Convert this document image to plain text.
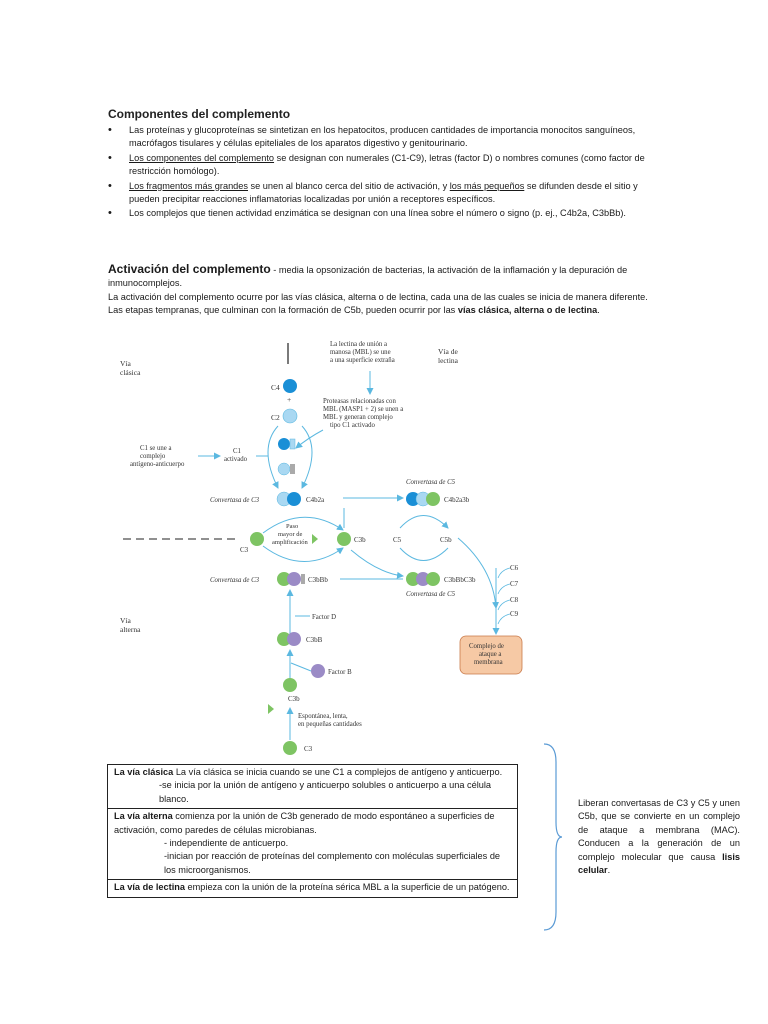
Componentes del complemento
• Las proteínas y glucoproteínas se sintetizan en los hepatocitos, producen cantidades de importancia monocitos sanguíneos, macrófagos tisulares y células epiteliales de los aparatos digestivo y genitourinario.
• Los componentes del complemento se designan con numerales (C1-C9), letras (factor D) o nombres comunes (como factor de restricción homólogo).
• Los fragmentos más grandes se unen al blanco cerca del sitio de activación, y los más pequeños se difunden desde el sitio y pueden precipitar reacciones inflamatorias localizadas por unión a receptores específicos.
• Los complejos que tienen actividad enzimática se designan con una línea sobre el número o signo (p. ej., C4b2a, C3bBb).
Activación del complemento - media la opsonización de bacterias, la activación de la inflamación y la depuración de inmunocomplejos.
La activación del complemento ocurre por las vías clásica, alterna o de lectina, cada una de las cuales se inicia de manera diferente.
Las etapas tempranas, que culminan con la formación de C5b, pueden ocurrir por las vías clásica, alterna o de lectina.
Vía clásica
Vía de lectina
Vía alterna
La lectina de unión a manosa (MBL) se une a una superficie extraña
Proteasas relacionadas con MBL (MASP1 + 2) se unen a MBL y generan complejo tipo C1 activado
C4
+
C2
C1 se une a complejo antígeno-anticuerpo
C1 activado
Convertasa de C3	C4b2a
Convertasa de C5
C4b2a3b
C3
Paso mayor de amplificación	C3b	C5	C5b
C6
C7
C8
C9
Complejo de ataque a membrana
Convertasa de C3	C3bBb	C3bBbC3b
Convertasa de C5
Factor D
C3bB
Factor B
C3b
Espontánea, lenta, en pequeñas cantidades
C3
La vía clásica La vía clásica se inicia cuando se une C1 a complejos de antígeno y anticuerpo.
-se inicia por la unión de antígeno y anticuerpo solubles o anticuerpo a una célula blanco.

La vía alterna comienza por la unión de C3b generado de modo espontáneo a superficies de activación, como paredes de células microbianas.
- independiente de anticuerpo.
-inician por reacción de proteínas del complemento con moléculas superficiales de los microorganismos.

La vía de lectina empieza con la unión de la proteína sérica MBL a la superficie de un patógeno.
Liberan convertasas de C3 y C5 y unen C5b, que se convierte en un complejo de ataque a membrana (MAC). Conducen a la generación de un complejo molecular que causa lisis celular.
